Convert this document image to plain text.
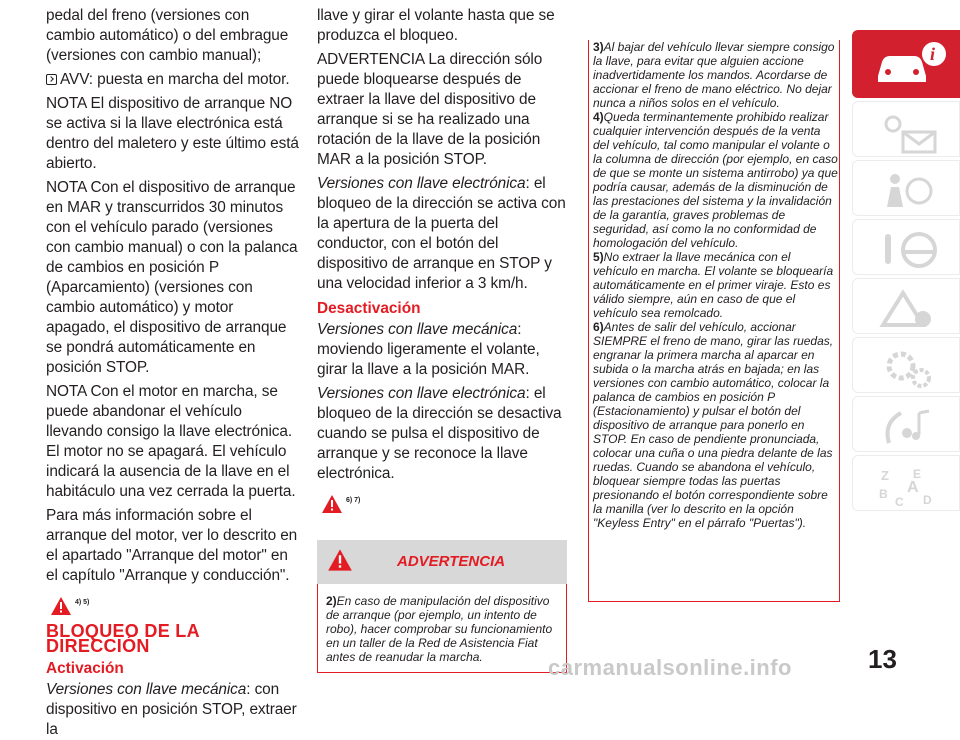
pedal del freno (versiones con cambio automático) o del embrague (versiones con cambio manual);

AVV: puesta en marcha del motor.

NOTA El dispositivo de arranque NO se activa si la llave electrónica está dentro del maletero y este último está abierto.

NOTA Con el dispositivo de arranque en MAR y transcurridos 30 minutos con el vehículo parado (versiones con cambio manual) o con la palanca de cambios en posición P (Aparcamiento) (versiones con cambio automático) y motor apagado, el dispositivo de arranque se pondrá automáticamente en posición STOP.

NOTA Con el motor en marcha, se puede abandonar el vehículo llevando consigo la llave electrónica. El motor no se apagará. El vehículo indicará la ausencia de la llave en el habitáculo una vez cerrada la puerta.

Para más información sobre el arranque del motor, ver lo descrito en el apartado "Arranque del motor" en el capítulo "Arranque y conducción".

4) 5)
BLOQUEO DE LA DIRECCIÓN
Activación

Versiones con llave mecánica: con dispositivo en posición STOP, extraer la

llave y girar el volante hasta que se produzca el bloqueo.

ADVERTENCIA La dirección sólo puede bloquearse después de extraer la llave del dispositivo de arranque si se ha realizado una rotación de la llave de la posición MAR a la posición STOP.

Versiones con llave electrónica: el bloqueo de la dirección se activa con la apertura de la puerta del conductor, con el botón del dispositivo de arranque en STOP y una velocidad inferior a 3 km/h.

Desactivación

Versiones con llave mecánica:

moviendo ligeramente el volante, girar la llave a la posición MAR.

Versiones con llave electrónica: el bloqueo de la dirección se desactiva cuando se pulsa el dispositivo de arranque y se reconoce la llave electrónica.

6) 7)
ADVERTENCIA
2)En caso de manipulación del dispositivo de arranque (por ejemplo, un intento de robo), hacer comprobar su funcionamiento en un taller de la Red de Asistencia Fiat antes de reanudar la marcha.

3)Al bajar del vehículo llevar siempre consigo la llave, para evitar que alguien accione inadvertidamente los mandos. Acordarse de accionar el freno de mano eléctrico. No dejar nunca a niños solos en el vehículo.

4)Queda terminantemente prohibido realizar cualquier intervención después de la venta del vehículo, tal como manipular el volante o la columna de dirección (por ejemplo, en caso de que se monte un sistema antirrobo) ya que podría causar, además de la disminución de las prestaciones del sistema y la invalidación de la garantía, graves problemas de seguridad, así como la no conformidad de homologación del vehículo.

5)No extraer la llave mecánica con el vehículo en marcha. El volante se bloquearía automáticamente en el primer viraje. Esto es válido siempre, aún en caso de que el vehículo sea remolcado.

6)Antes de salir del vehículo, accionar SIEMPRE el freno de mano, girar las ruedas, engranar la primera marcha al aparcar en subida o la marcha atrás en bajada; en las versiones con cambio automático, colocar la palanca de cambios en posición P (Estacionamiento) y pulsar el botón del dispositivo de arranque para ponerlo en STOP. En caso de pendiente pronunciada, colocar una cuña o una piedra delante de las ruedas. Cuando se abandona el vehículo, bloquear siempre todas las puertas presionando el botón correspondiente sobre la manilla (ver lo descrito en la opción "Keyless Entry" en el párrafo "Puertas").

i
Z E
A
B
C D
carmanualsonline.info	13
